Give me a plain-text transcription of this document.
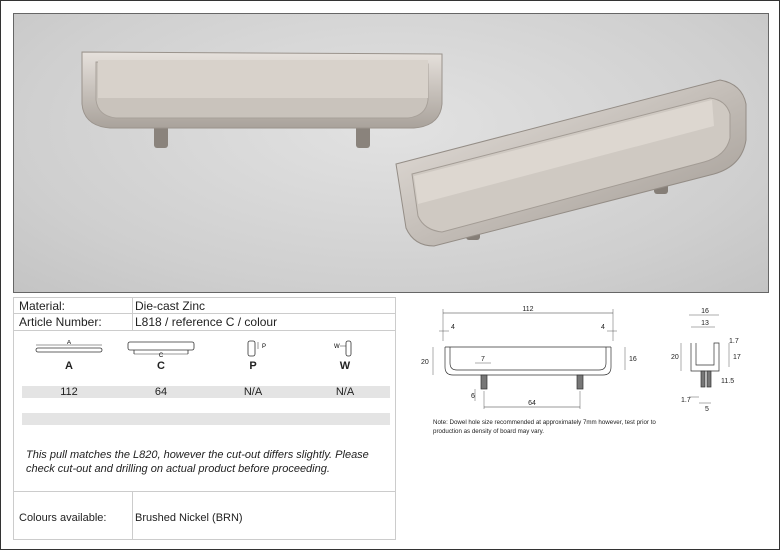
Material:	Die-cast Zinc
Article Number:	L818 / reference C / colour
A
C
P	W
A	C	P	W
112	64	N/A	N/A
This pull matches the L820, however the cut-out differs slightly. Please check cut-out and drilling on actual product before proceeding.
Colours available:	Brushed Nickel (BRN)
112
4	4
20	16
7
6
64
16
13
1.7
20	17
11.5
1.7
5
Note: Dowel hole size recommended at approximately 7mm however, test prior to production as density of board may vary.
